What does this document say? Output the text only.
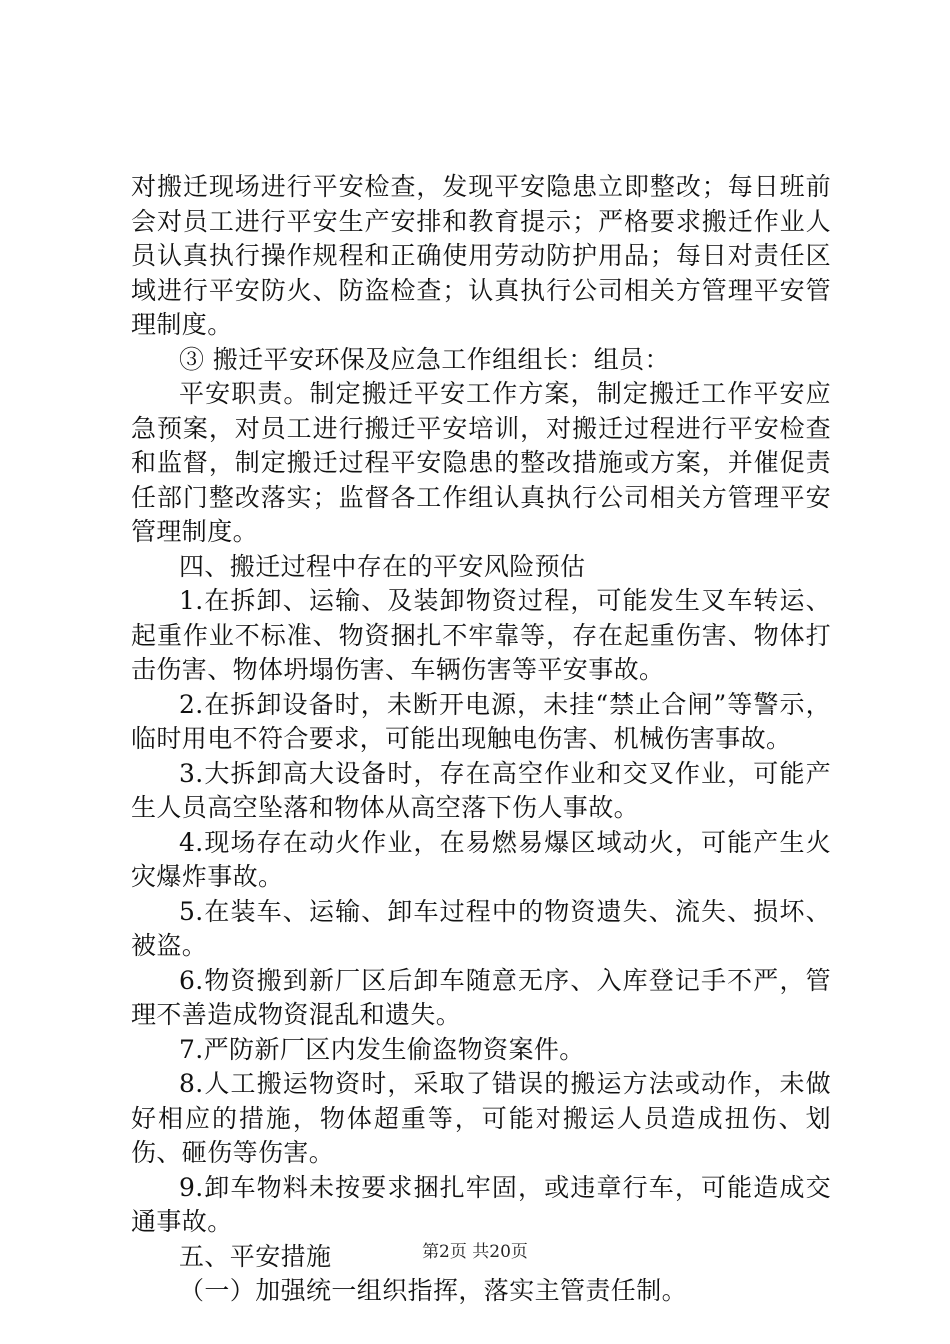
对搬迁现场进行平安检查，发现平安隐患立即整改；每日班前会对员工进行平安生产安排和教育提示；严格要求搬迁作业人员认真执行操作规程和正确使用劳动防护用品；每日对责任区域进行平安防火、防盗检查；认真执行公司相关方管理平安管理制度。

③ 搬迁平安环保及应急工作组组长：组员：

平安职责。制定搬迁平安工作方案，制定搬迁工作平安应急预案，对员工进行搬迁平安培训，对搬迁过程进行平安检查和监督，制定搬迁过程平安隐患的整改措施或方案，并催促责任部门整改落实；监督各工作组认真执行公司相关方管理平安管理制度。

四、搬迁过程中存在的平安风险预估

1.在拆卸、运输、及装卸物资过程，可能发生叉车转运、起重作业不标准、物资捆扎不牢靠等，存在起重伤害、物体打击伤害、物体坍塌伤害、车辆伤害等平安事故。

2.在拆卸设备时，未断开电源，未挂“禁止合闸”等警示，临时用电不符合要求，可能出现触电伤害、机械伤害事故。

3.大拆卸高大设备时，存在高空作业和交叉作业，可能产生人员高空坠落和物体从高空落下伤人事故。

4.现场存在动火作业，在易燃易爆区域动火，可能产生火灾爆炸事故。

5.在装车、运输、卸车过程中的物资遗失、流失、损坏、被盗。

6.物资搬到新厂区后卸车随意无序、入库登记手不严，管理不善造成物资混乱和遗失。

7.严防新厂区内发生偷盗物资案件。

8.人工搬运物资时，采取了错误的搬运方法或动作，未做好相应的措施，物体超重等，可能对搬运人员造成扭伤、划伤、砸伤等伤害。

9.卸车物料未按要求捆扎牢固，或违章行车，可能造成交通事故。

五、平安措施

（一）加强统一组织指挥，落实主管责任制。

第2页 共20页
